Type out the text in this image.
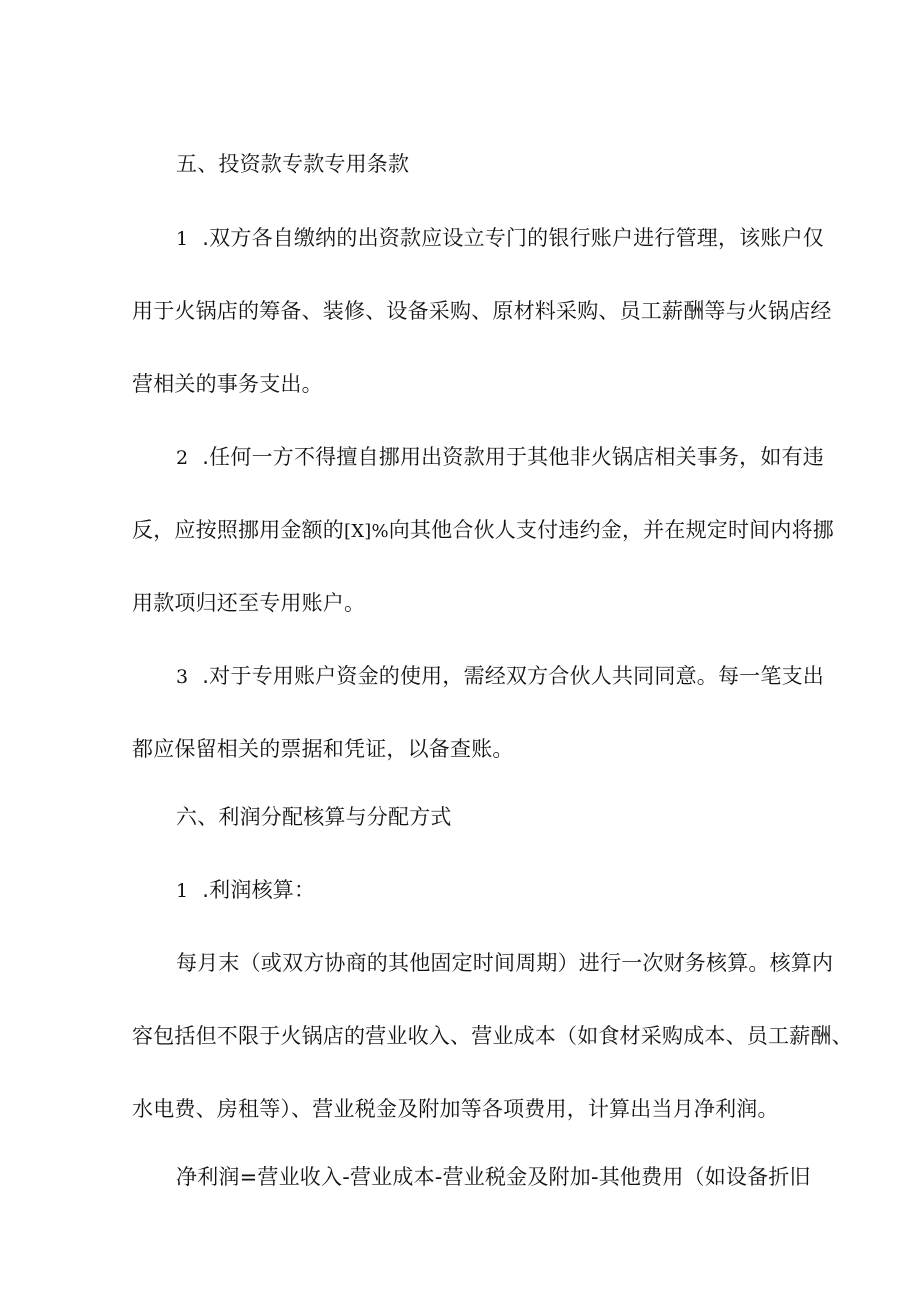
五、投资款专款专用条款
1 .双方各自缴纳的出资款应设立专门的银行账户进行管理，该账户仅
用于火锅店的筹备、装修、设备采购、原材料采购、员工薪酬等与火锅店经
营相关的事务支出。
2 .任何一方不得擅自挪用出资款用于其他非火锅店相关事务，如有违
反，应按照挪用金额的[X]%向其他合伙人支付违约金，并在规定时间内将挪
用款项归还至专用账户。
3 .对于专用账户资金的使用，需经双方合伙人共同同意。每一笔支出
都应保留相关的票据和凭证，以备查账。
六、利润分配核算与分配方式
1 .利润核算：
每月末（或双方协商的其他固定时间周期）进行一次财务核算。核算内
容包括但不限于火锅店的营业收入、营业成本（如食材采购成本、员工薪酬、
水电费、房租等）、营业税金及附加等各项费用，计算出当月净利润。
净利润=营业收入-营业成本-营业税金及附加-其他费用（如设备折旧
